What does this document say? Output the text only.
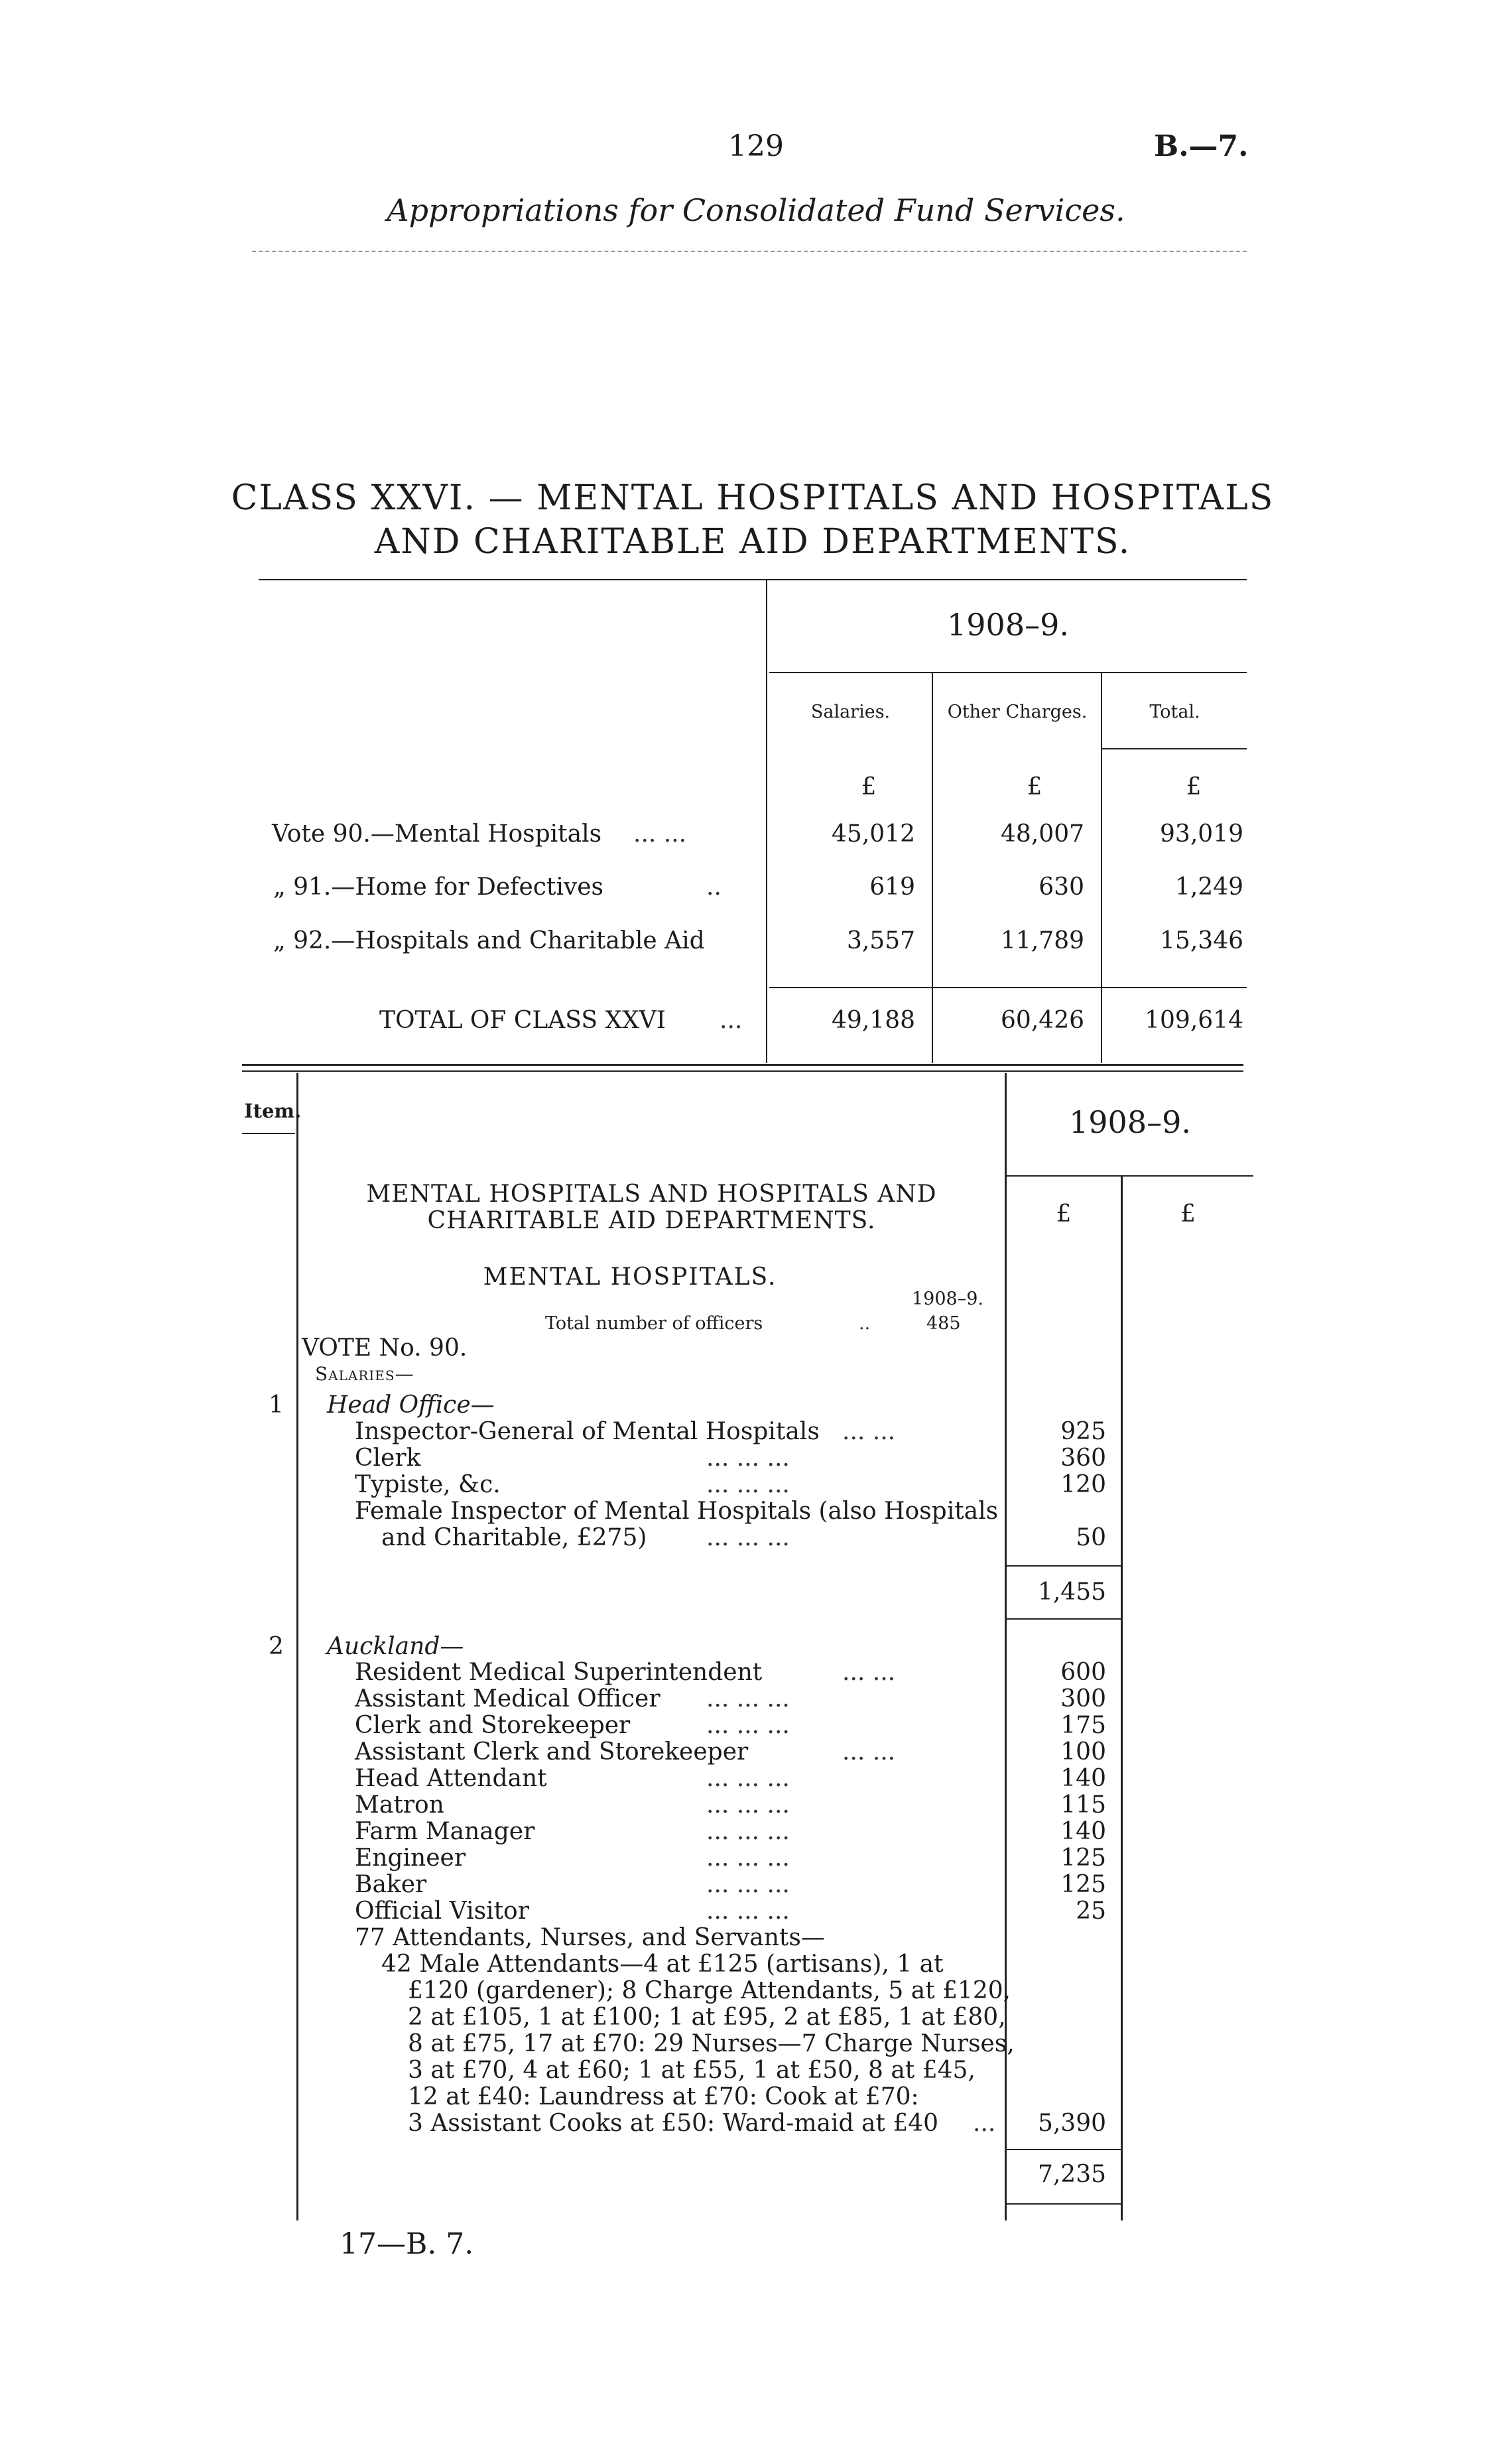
129	B.—7.
Appropriations for Consolidated Fund Services.
CLASS XXVI. — MENTAL HOSPITALS AND HOSPITALS
AND CHARITABLE AID DEPARTMENTS.
1908–9.
Salaries.	Other Charges.	Total.
£	£	£
Vote 90.—Mental Hospitals ... ...	45,012	48,007	93,019
„ 91.—Home for Defectives	..	619	630	1,249
„ 92.—Hospitals and Charitable Aid	3,557	11,789	15,346
TOTAL OF CLASS XXVI ...	49,188	60,426	109,614
Item.	1908–9.
£	£
MENTAL HOSPITALS AND HOSPITALS AND
CHARITABLE AID DEPARTMENTS.
MENTAL HOSPITALS.
1908–9.
Total number of officers	..	485
VOTE No. 90.
Salaries—
1 Head Office—
Inspector-General of Mental Hospitals ... ...	925
Clerk	... ... ...	360
Typiste, &c.	... ... ...	120
Female Inspector of Mental Hospitals (also Hospitals
and Charitable, £275) ... ... ...	50
1,455
2 Auckland—
Resident Medical Superintendent	... ...	600
Assistant Medical Officer ... ... ...	300
Clerk and Storekeeper	... ... ...	175
Assistant Clerk and Storekeeper	... ...	100
Head Attendant	... ... ...	140
Matron	... ... ...	115
Farm Manager	... ... ...	140
Engineer	... ... ...	125
Baker	... ... ...	125
Official Visitor	... ... ...	25
77 Attendants, Nurses, and Servants—
42 Male Attendants—4 at £125 (artisans), 1 at
£120 (gardener); 8 Charge Attendants, 5 at £120,
2 at £105, 1 at £100; 1 at £95, 2 at £85, 1 at £80,
8 at £75, 17 at £70: 29 Nurses—7 Charge Nurses,
3 at £70, 4 at £60; 1 at £55, 1 at £50, 8 at £45,
12 at £40: Laundress at £70: Cook at £70:
3 Assistant Cooks at £50: Ward-maid at £40 ...	5,390
7,235
17—B. 7.
